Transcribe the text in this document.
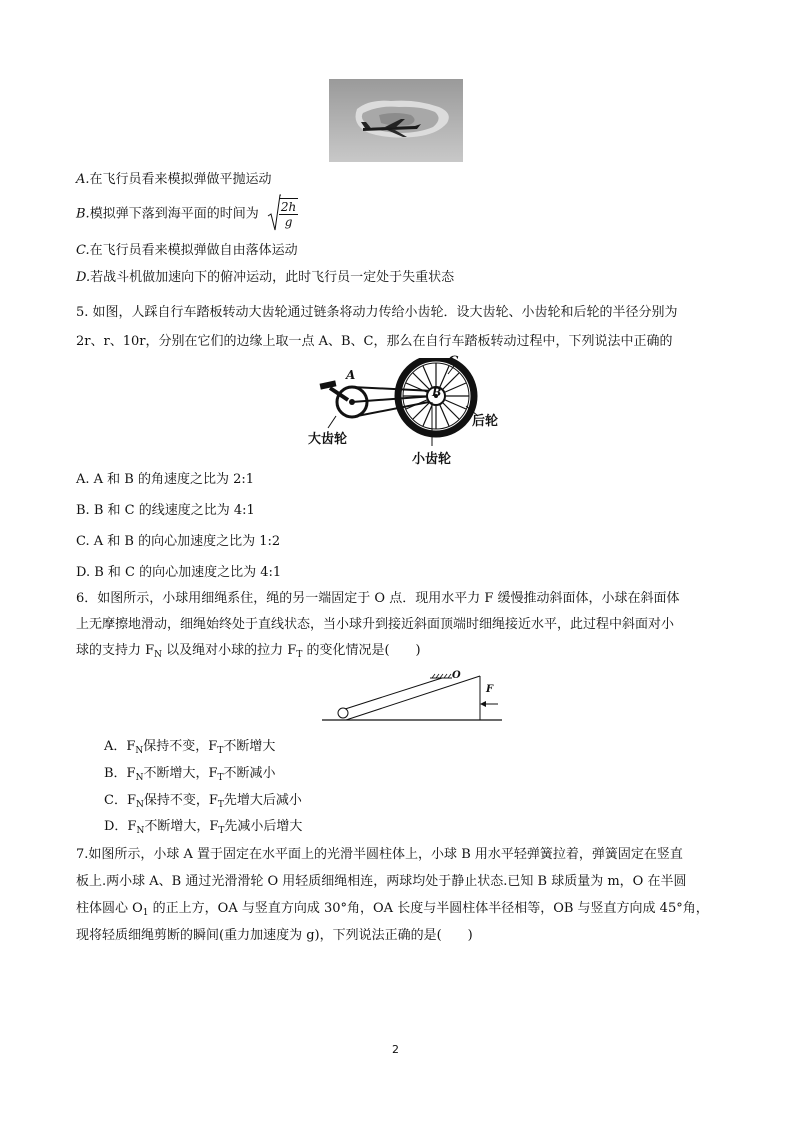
A.在飞行员看来模拟弹做平抛运动
B.模拟弹下落到海平面的时间为 $\frac{2h}{g}$
C.在飞行员看来模拟弹做自由落体运动
D.若战斗机做加速向下的俯冲运动，此时飞行员一定处于失重状态
5. 如图，人踩自行车踏板转动大齿轮通过链条将动力传给小齿轮．设大齿轮、小齿轮和后轮的半径分别为
2r、r、10r，分别在它们的边缘上取一点 A、B、C，那么在自行车踏板转动过程中，下列说法中正确的
A
B
C
大齿轮
小齿轮
后轮
A. A 和 B 的角速度之比为 2:1
B. B 和 C 的线速度之比为 4:1
C. A 和 B 的向心加速度之比为 1:2
D. B 和 C 的向心加速度之比为 4:1
6．如图所示，小球用细绳系住，绳的另一端固定于 O 点．现用水平力 F 缓慢推动斜面体，小球在斜面体
上无摩擦地滑动，细绳始终处于直线状态，当小球升到接近斜面顶端时细绳接近水平，此过程中斜面对小
球的支持力 $F_N$ 以及绳对小球的拉力 $F_T$ 的变化情况是(　　)
O
F
A．$F_N$保持不变，$F_T$不断增大
B．$F_N$不断增大，$F_T$不断减小
C．$F_N$保持不变，$F_T$先增大后减小
D．$F_N$不断增大，$F_T$先减小后增大
7.如图所示，小球 A 置于固定在水平面上的光滑半圆柱体上，小球 B 用水平轻弹簧拉着，弹簧固定在竖直
板上.两小球 A、B 通过光滑滑轮 O 用轻质细绳相连，两球均处于静止状态.已知 B 球质量为 m，O 在半圆
柱体圆心 $O_1$ 的正上方，OA 与竖直方向成 30°角，OA 长度与半圆柱体半径相等，OB 与竖直方向成 45°角，
现将轻质细绳剪断的瞬间(重力加速度为 g)，下列说法正确的是(　　)
2
